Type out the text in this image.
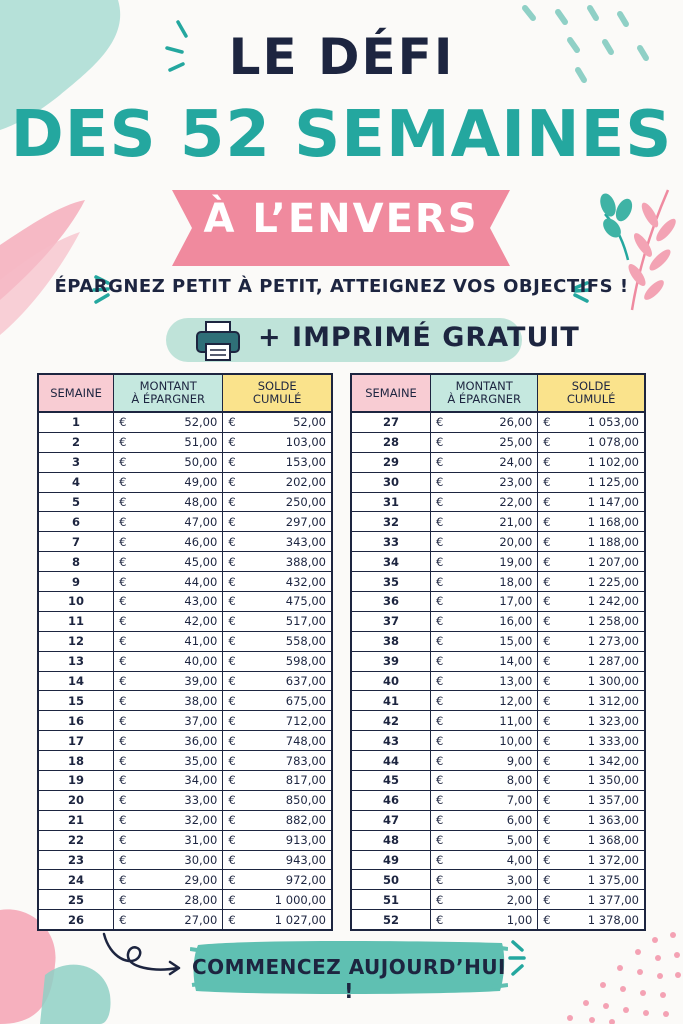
LE DÉFI
DES 52 SEMAINES
À L’ENVERS
ÉPARGNEZ PETIT À PETIT, ATTEIGNEZ VOS OBJECTIFS !
+ IMPRIMÉ GRATUIT
SEMAINE	MONTANT
À ÉPARGNER	SOLDE
CUMULÉ
1	€ 52,00	€ 52,00

2	€ 51,00	€ 103,00

3	€ 50,00	€ 153,00

4	€ 49,00	€ 202,00

5	€ 48,00	€ 250,00

6	€ 47,00	€ 297,00

7	€ 46,00	€ 343,00

8	€ 45,00	€ 388,00

9	€ 44,00	€ 432,00

10	€ 43,00	€ 475,00

11	€ 42,00	€ 517,00

12	€ 41,00	€ 558,00

13	€ 40,00	€ 598,00

14	€ 39,00	€ 637,00

15	€ 38,00	€ 675,00

16	€ 37,00	€ 712,00

17	€ 36,00	€ 748,00

18	€ 35,00	€ 783,00

19	€ 34,00	€ 817,00

20	€ 33,00	€ 850,00

21	€ 32,00	€ 882,00

22	€ 31,00	€ 913,00

23	€ 30,00	€ 943,00

24	€ 29,00	€ 972,00

25	€ 28,00	€ 1 000,00

26	€ 27,00	€ 1 027,00
SEMAINE	MONTANT
À ÉPARGNER	SOLDE
CUMULÉ
27	€ 26,00	€ 1 053,00

28	€ 25,00	€ 1 078,00

29	€ 24,00	€ 1 102,00

30	€ 23,00	€ 1 125,00

31	€ 22,00	€ 1 147,00

32	€ 21,00	€ 1 168,00

33	€ 20,00	€ 1 188,00

34	€ 19,00	€ 1 207,00

35	€ 18,00	€ 1 225,00

36	€ 17,00	€ 1 242,00

37	€ 16,00	€ 1 258,00

38	€ 15,00	€ 1 273,00

39	€ 14,00	€ 1 287,00

40	€ 13,00	€ 1 300,00

41	€ 12,00	€ 1 312,00

42	€ 11,00	€ 1 323,00

43	€ 10,00	€ 1 333,00

44	€ 9,00	€ 1 342,00

45	€ 8,00	€ 1 350,00

46	€ 7,00	€ 1 357,00

47	€ 6,00	€ 1 363,00

48	€ 5,00	€ 1 368,00

49	€ 4,00	€ 1 372,00

50	€ 3,00	€ 1 375,00

51	€ 2,00	€ 1 377,00

52	€ 1,00	€ 1 378,00
COMMENCEZ AUJOURD’HUI !
